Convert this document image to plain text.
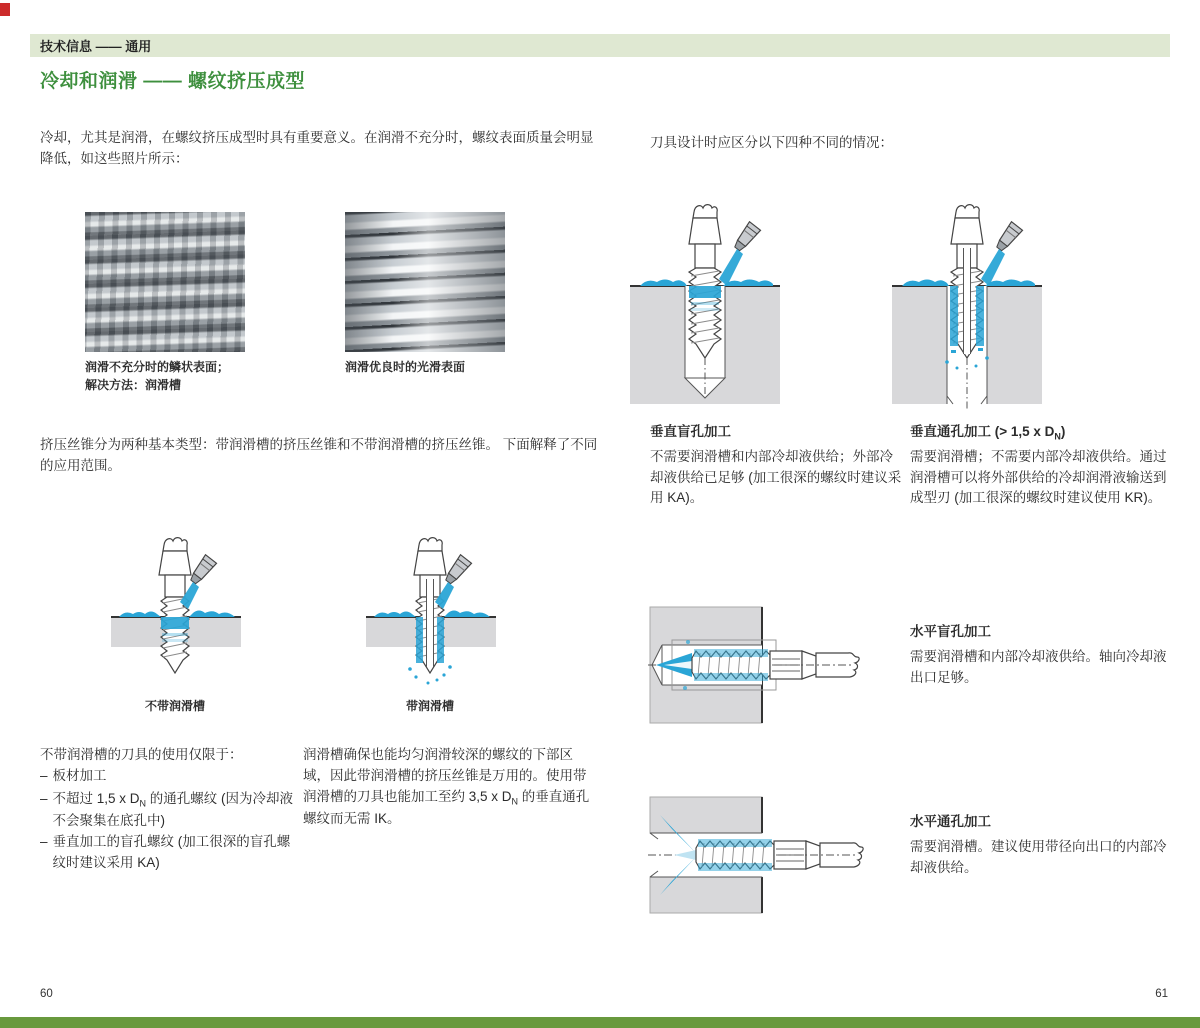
技术信息 —— 通用
冷却和润滑 —— 螺纹挤压成型
冷却，尤其是润滑，在螺纹挤压成型时具有重要意义。在润滑不充分时，螺纹表面质量会明显降低，如这些照片所示：
润滑不充分时的鳞状表面；
解决方法：润滑槽
润滑优良时的光滑表面
挤压丝锥分为两种基本类型：带润滑槽的挤压丝锥和不带润滑槽的挤压丝锥。 下面解释了不同的应用范围。
不带润滑槽	带润滑槽
不带润滑槽的刀具的使用仅限于：
– 板材加工
– 不超过 1,5 x $D_N$ 的通孔螺纹 (因为冷却液不会聚集在底孔中)
– 垂直加工的盲孔螺纹 (加工很深的盲孔螺纹时建议采用 KA)
润滑槽确保也能均匀润滑较深的螺纹的下部区域，因此带润滑槽的挤压丝锥是万用的。使用带润滑槽的刀具也能加工至约 3,5 x $D_N$ 的垂直通孔螺纹而无需 IK。
刀具设计时应区分以下四种不同的情况：
垂直盲孔加工
不需要润滑槽和内部冷却液供给；外部冷却液供给已足够 (加工很深的螺纹时建议采用 KA)。
垂直通孔加工 (> 1,5 x $D_N$)
需要润滑槽；不需要内部冷却液供给。通过润滑槽可以将外部供给的冷却润滑液输送到成型刃 (加工很深的螺纹时建议使用 KR)。
水平盲孔加工
需要润滑槽和内部冷却液供给。轴向冷却液出口足够。
水平通孔加工
需要润滑槽。建议使用带径向出口的内部冷却液供给。
60	61
